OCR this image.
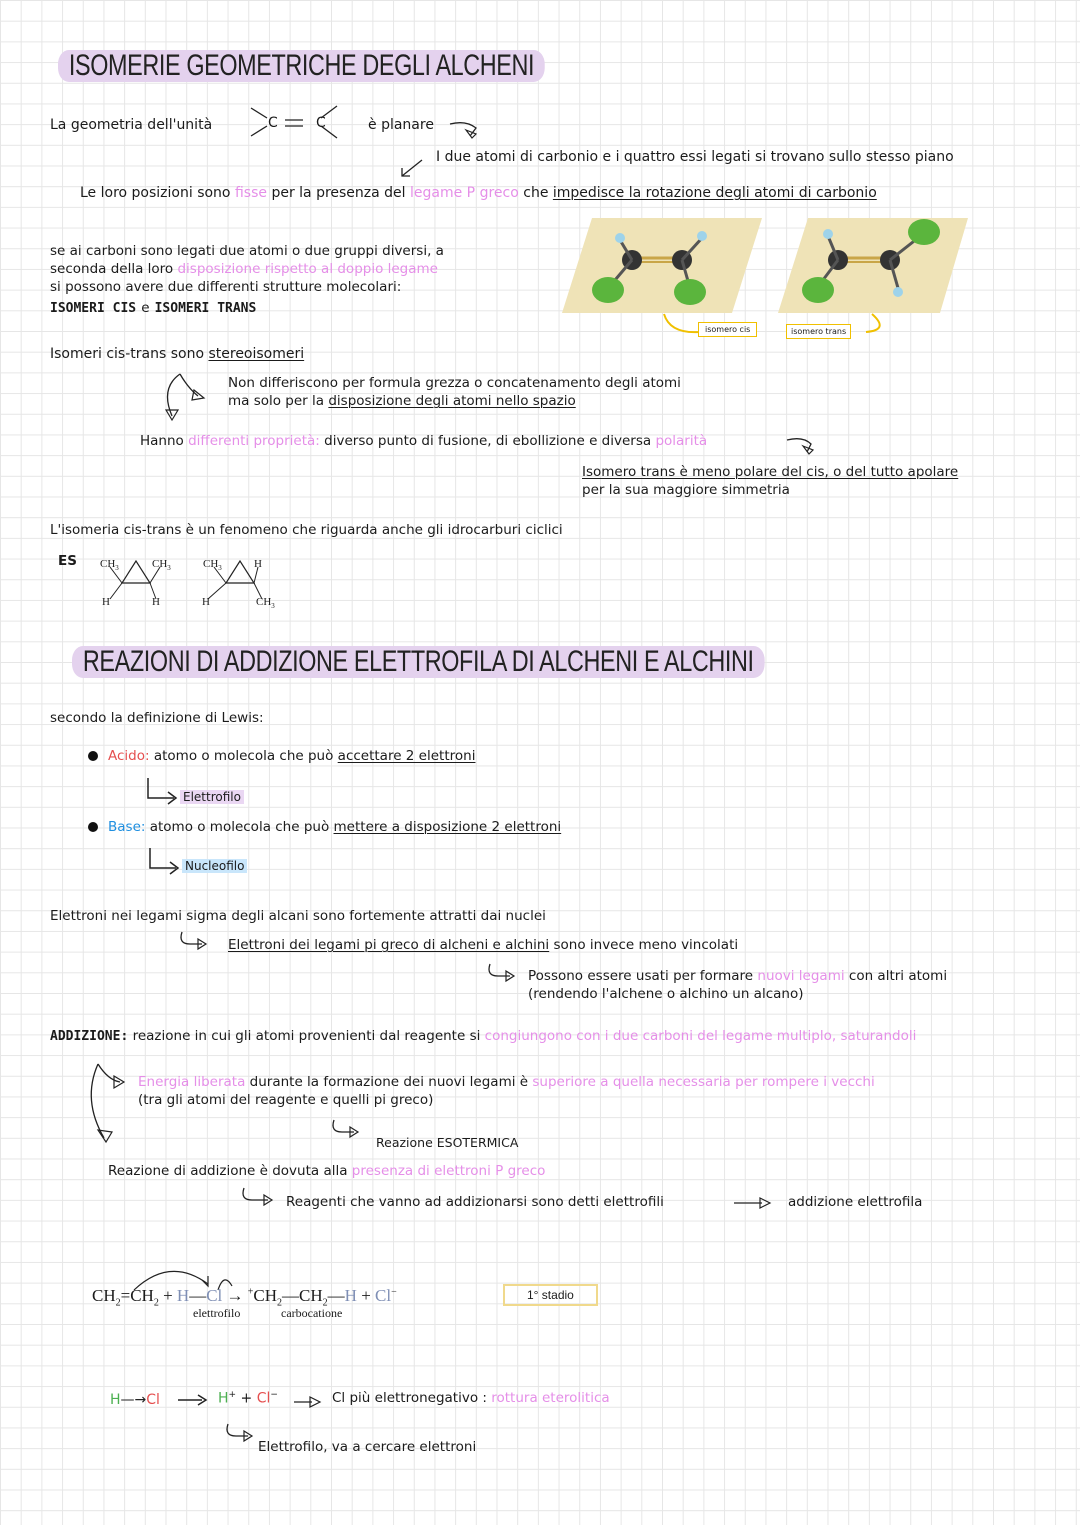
ISOMERIE GEOMETRICHE DEGLI ALCHENI
La geometria dell'unità	C	C	è planare
I due atomi di carbonio e i quattro essi legati si trovano sullo stesso piano
Le loro posizioni sono fisse per la presenza del legame P greco che impedisce la rotazione degli atomi di carbonio
se ai carboni sono legati due atomi o due gruppi diversi, a
seconda della loro disposizione rispetto al doppio legame
si possono avere due differenti strutture molecolari:
ISOMERI CIS e ISOMERI TRANS
isomero cis	isomero trans
Isomeri cis-trans sono stereoisomeri
Non differiscono per formula grezza o concatenamento degli atomi
ma solo per la disposizione degli atomi nello spazio
Hanno differenti proprietà: diverso punto di fusione, di ebollizione e diversa polarità
Isomero trans è meno polare del cis, o del tutto apolare
per la sua maggiore simmetria
L'isomeria cis-trans è un fenomeno che riguarda anche gli idrocarburi ciclici
ES $CH_3$	$CH_3$
H	H
$CH_3$	H
H	$CH_3$
REAZIONI DI ADDIZIONE ELETTROFILA DI ALCHENI E ALCHINI
secondo la definizione di Lewis:
Acido: atomo o molecola che può accettare 2 elettroni
Elettrofilo
Base: atomo o molecola che può mettere a disposizione 2 elettroni
Nucleofilo
Elettroni nei legami sigma degli alcani sono fortemente attratti dai nuclei
Elettroni dei legami pi greco di alcheni e alchini sono invece meno vincolati
Possono essere usati per formare nuovi legami con altri atomi
(rendendo l'alchene o alchino un alcano)
ADDIZIONE: reazione in cui gli atomi provenienti dal reagente si congiungono con i due carboni del legame multiplo, saturandoli
Energia liberata durante la formazione dei nuovi legami è superiore a quella necessaria per rompere i vecchi
(tra gli atomi del reagente e quelli pi greco)
Reazione ESOTERMICA
Reazione di addizione è dovuta alla presenza di elettroni P greco
Reagenti che vanno ad addizionarsi sono detti elettrofili	addizione elettrofila
$CH_2=CH_2$ + H—Cl → $^+CH_2—CH_2—H + Cl^-$
elettrofilo	carbocatione
1° stadio
H—→Cl → H+ + Cl−	Cl più elettronegativo : rottura eterolitica
Elettrofilo, va a cercare elettroni
